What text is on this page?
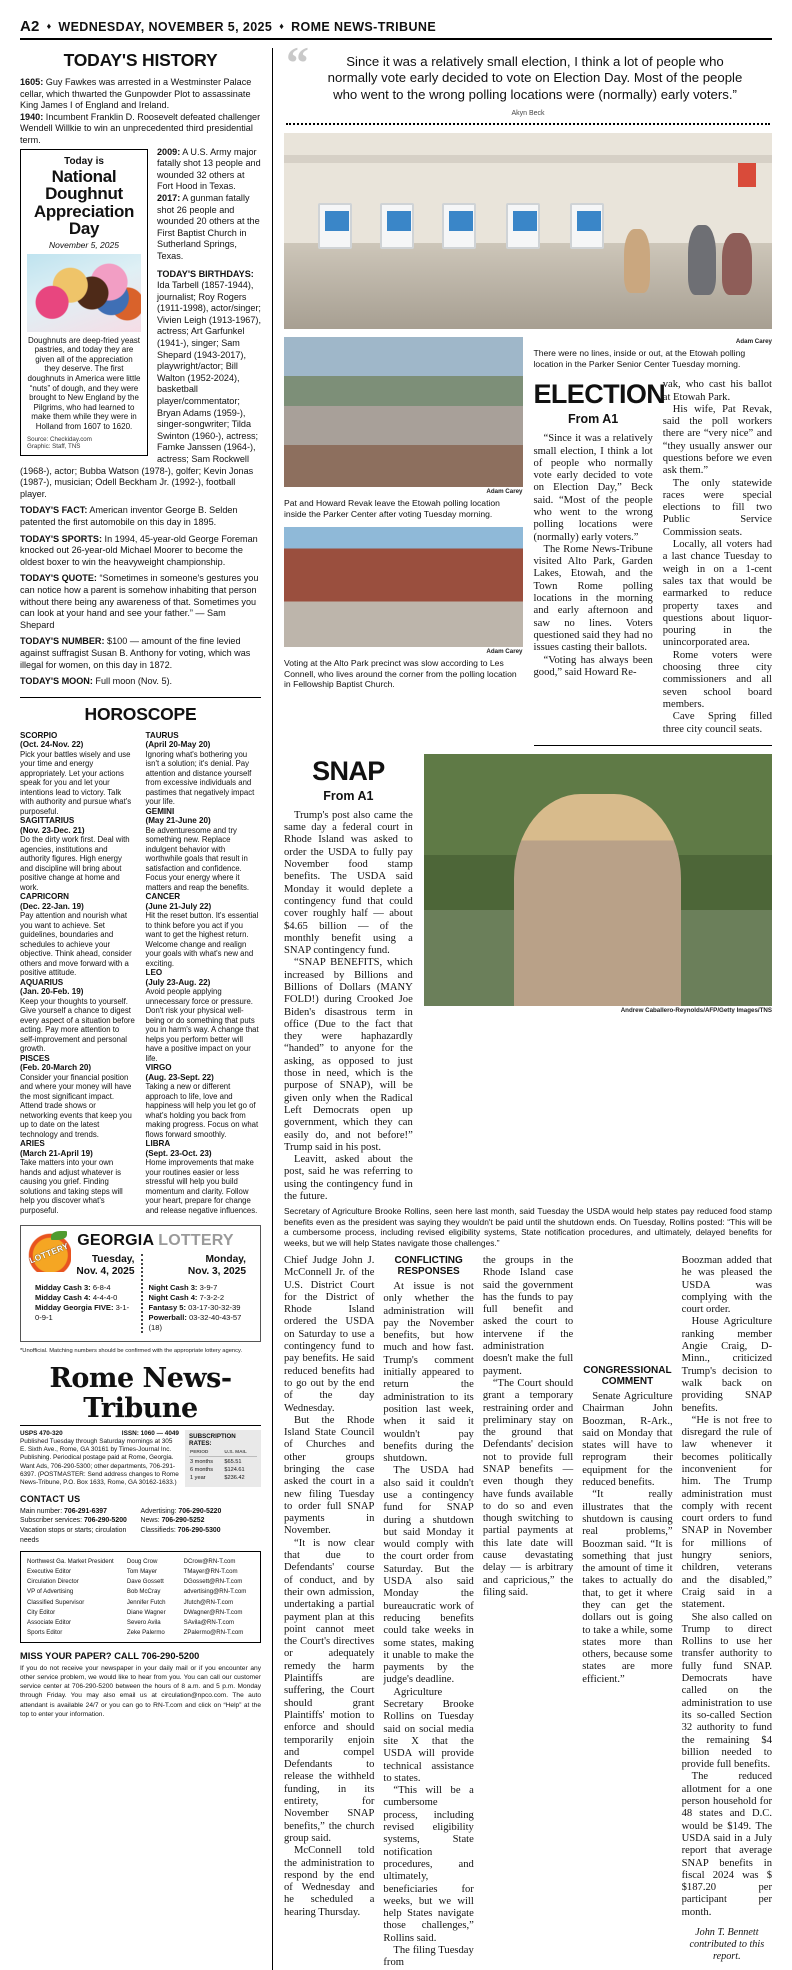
A2 ♦ WEDNESDAY, NOVEMBER 5, 2025 ♦ ROME NEWS-TRIBUNE
TODAY'S HISTORY
1605: Guy Fawkes was arrested in a Westminster Palace cellar, which thwarted the Gunpowder Plot to assassinate King James I of England and Ireland.
1940: Incumbent Franklin D. Roosevelt defeated challenger Wendell Willkie to win an unprecedented third presidential term.
Today is
National
Doughnut
Appreciation Day
November 5, 2025
Doughnuts are deep-fried yeast pastries, and today they are given all of the appreciation they deserve. The first doughnuts in America were little “nuts” of dough, and they were brought to New England by the Pilgrims, who had learned to make them while they were in Holland from 1607 to 1620.
Source: Checkiday.com
Graphic: Staff, TNS
2009: A U.S. Army major fatally shot 13 people and wounded 32 others at Fort Hood in Texas. 2017: A gunman fatally shot 26 people and wounded 20 others at the First Baptist Church in Sutherland Springs, Texas.
TODAY'S BIRTHDAYS: Ida Tarbell (1857-1944), journalist; Roy Rogers (1911-1998), actor/singer; Vivien Leigh (1913-1967), actress; Art Garfunkel (1941-), singer; Sam Shepard (1943-2017), playwright/actor; Bill Walton (1952-2024), basketball player/commentator; Bryan Adams (1959-), singer-songwriter; Tilda Swinton (1960-), actress; Famke Janssen (1964-), actress; Sam Rockwell (1968-), actor; Bubba Watson (1978-), golfer; Kevin Jonas (1987-), musician; Odell Beckham Jr. (1992-), football player.
TODAY'S FACT: American inventor George B. Selden patented the first automobile on this day in 1895.
TODAY'S SPORTS: In 1994, 45-year-old George Foreman knocked out 26-year-old Michael Moorer to become the oldest boxer to win the heavyweight championship.
TODAY'S QUOTE: “Sometimes in someone's gestures you can notice how a parent is somehow inhabiting that person without there being any awareness of that. Sometimes you can look at your hand and see your father.” — Sam Shepard
TODAY'S NUMBER: $100 — amount of the fine levied against suffragist Susan B. Anthony for voting, which was illegal for women, on this day in 1872.
TODAY'S MOON: Full moon (Nov. 5).
HOROSCOPE
SCORPIO
(Oct. 24-Nov. 22)
Pick your battles wisely and use your time and energy appropriately. Let your actions speak for you and let your intentions lead to victory. Talk with authority and pursue what's purposeful.
SAGITTARIUS
(Nov. 23-Dec. 21)
Do the dirty work first. Deal with agencies, institutions and authority figures. High energy and discipline will bring about positive change at home and work.
CAPRICORN
(Dec. 22-Jan. 19)
Pay attention and nourish what you want to achieve. Set guidelines, boundaries and schedules to achieve your objective. Think ahead, consider others and move forward with a positive attitude.
AQUARIUS
(Jan. 20-Feb. 19)
Keep your thoughts to yourself. Give yourself a chance to digest every aspect of a situation before acting. Pay more attention to self-improvement and personal growth.
PISCES
(Feb. 20-March 20)
Consider your financial position and where your money will have the most significant impact. Attend trade shows or networking events that keep you up to date on the latest technology and trends.
ARIES
(March 21-April 19)
Take matters into your own hands and adjust whatever is causing you grief. Finding solutions and taking steps will help you discover what's purposeful.
TAURUS
(April 20-May 20)
Ignoring what's bothering you isn't a solution; it's denial. Pay attention and distance yourself from excessive individuals and pastimes that negatively impact your life.
GEMINI
(May 21-June 20)
Be adventuresome and try something new. Replace indulgent behavior with worthwhile goals that result in satisfaction and confidence. Focus your energy where it matters and reap the benefits.
CANCER
(June 21-July 22)
Hit the reset button. It's essential to think before you act if you want to get the highest return. Welcome change and realign your goals with what's new and exciting.
LEO
(July 23-Aug. 22)
Avoid people applying unnecessary force or pressure. Don't risk your physical well-being or do something that puts you in harm's way. A change that helps you perform better will have a positive impact on your life.
VIRGO
(Aug. 23-Sept. 22)
Taking a new or different approach to life, love and happiness will help you let go of what's holding you back from making progress. Focus on what flows forward smoothly.
LIBRA
(Sept. 23-Oct. 23)
Home improvements that make your routines easier or less stressful will help you build momentum and clarity. Follow your heart, prepare for change and release negative influences.
LOTTERY
GEORGIA LOTTERY
Tuesday,
Nov. 4, 2025
Midday Cash 3: 6-8-4
Midday Cash 4: 4-4-4-0
Midday Georgia FIVE: 3-1-0-9-1
Monday,
Nov. 3, 2025
Night Cash 3: 3-9-7
Night Cash 4: 7-3-2-2
Fantasy 5: 03-17-30-32-39
Powerball: 03-32-40-43-57 (18)
*Unofficial. Matching numbers should be confirmed with the appropriate lottery agency.
Rome News-Tribune
USPS 470-320	ISSN: 1060 — 4049
Published Tuesday through Saturday mornings at 305 E. Sixth Ave., Rome, GA 30161 by Times-Journal Inc. Publishing. Periodical postage paid at Rome, Georgia. Want Ads, 706-290-5300; other departments, 706-291-6397. (POSTMASTER: Send address changes to Rome News-Tribune, P.O. Box 1633, Rome, GA 30162-1633.)
SUBSCRIPTION RATES:
PERIOD	U.S. MAIL
3 months	$65.51
6 months	$124.61
1 year	$236.42
CONTACT US
Main number: 706-291-6397
Subscriber services: 706-290-5200
Vacation stops or starts; circulation needs
Advertising: 706-290-5220
News: 706-290-5252
Classifieds: 706-290-5300
Northwest Ga. Market President	Doug Crow	DCrow@RN-T.com
Executive Editor	Tom Mayer	TMayer@RN-T.com
Circulation Director	Dave Gossett	DGossett@RN-T.com
VP of Advertising	Bob McCray	advertising@RN-T.com
Classified Supervisor	Jennifer Futch	Jfutch@RN-T.com
City Editor	Diane Wagner	DWagner@RN-T.com
Associate Editor	Severo Avila	SAvila@RN-T.com
Sports Editor	Zeke Palermo	ZPalermo@RN-T.com
MISS YOUR PAPER? CALL 706-290-5200
If you do not receive your newspaper in your daily mail or if you encounter any other service problem, we would like to hear from you. You can call our customer service center at 706-290-5200 between the hours of 8 a.m. and 5 p.m. Monday through Friday. You may also email us at circulation@npco.com. The auto attendant is available 24/7 or you can go to RN-T.com and click on “Help” at the top to enter your information.
“	Since it was a relatively small election, I think a lot of people who normally vote early decided to vote on Election Day. Most of the people who went to the wrong polling locations were (normally) early voters.”
Akyn Beck
Adam Carey
Pat and Howard Revak leave the Etowah polling location inside the Parker Center after voting Tuesday morning.
Adam Carey
Voting at the Alto Park precinct was slow according to Les Connell, who lives around the corner from the polling location in Fellowship Baptist Church.
Adam Carey
There were no lines, inside or out, at the Etowah polling location in the Parker Senior Center Tuesday morning.
ELECTION
From A1

“Since it was a relatively small election, I think a lot of people who normally vote early decided to vote on Election Day,” Beck said. “Most of the people who went to the wrong polling locations were (normally) early voters.”

The Rome News-Tribune visited Alto Park, Garden Lakes, Etowah, and the Town Rome polling locations in the morning and early afternoon and saw no lines. Voters questioned said they had no issues casting their ballots.

“Voting has always been good,” said Howard Re-

vak, who cast his ballot at Etowah Park.

His wife, Pat Revak, said the poll workers there are “very nice” and “they usually answer our questions before we even ask them.”

The only statewide races were special elections to fill two Public Service Commission seats.

Locally, all voters had a last chance Tuesday to weigh in on a 1-cent sales tax that would be earmarked to reduce property taxes and questions about liquor-pouring in the unincorporated area.

Rome voters were choosing three city commissioners and all seven school board members.

Cave Spring filled three city council seats.

SNAP
From A1

Trump's post also came the same day a federal court in Rhode Island was asked to order the USDA to fully pay November food stamp benefits. The USDA said Monday it would deplete a contingency fund that could cover roughly half — about $4.65 billion — of the monthly benefit using a SNAP contingency fund.

“SNAP BENEFITS, which increased by Billions and Billions of Dollars (MANY FOLD!) during Crooked Joe Biden's disastrous term in office (Due to the fact that they were haphazardly “handed” to anyone for the asking, as opposed to just those in need, which is the purpose of SNAP), will be given only when the Radical Left Democrats open up government, which they can easily do, and not before!” Trump said in his post.

Leavitt, asked about the post, said he was referring to using the contingency fund in the future.

Andrew Caballero-Reynolds/AFP/Getty Images/TNS
Secretary of Agriculture Brooke Rollins, seen here last month, said Tuesday the USDA would help states pay reduced food stamp benefits even as the president was saying they wouldn't be paid until the shutdown ends. On Tuesday, Rollins posted: “This will be a cumbersome process, including revised eligibility systems, State notification procedures, and ultimately, delayed benefits for weeks, but we will help States navigate those challenges.”

Chief Judge John J. McConnell Jr. of the U.S. District Court for the District of Rhode Island ordered the USDA on Saturday to use a contingency fund to pay benefits. He said reduced benefits had to go out by the end of the day Wednesday.

But the Rhode Island State Council of Churches and other groups bringing the case asked the court in a new filing Tuesday to order full SNAP payments in November.

“It is now clear that due to Defendants' course of conduct, and by their own admission, undertaking a partial payment plan at this point cannot meet the Court's directives or adequately remedy the harm Plaintiffs are suffering, the Court should grant Plaintiffs' motion to enforce and should temporarily enjoin and compel Defendants to release the withheld funding, in its entirety, for November SNAP benefits,” the church group said.

McConnell told the administration to respond by the end of Wednesday and he scheduled a hearing Thursday.

CONFLICTING
RESPONSES

At issue is not only whether the administration will pay the November benefits, but how much and how fast. Trump's comment initially appeared to return the administration to its position last week, when it said it wouldn't pay benefits during the shutdown.

The USDA had also said it couldn't use a contingency fund for SNAP during a shutdown but said Monday it would comply with the court order from Saturday. But the USDA also said Monday the bureaucratic work of reducing benefits could take weeks in some states, making it unable to make the payments by the judge's deadline.

Agriculture Secretary Brooke Rollins on Tuesday said on social media site X that the USDA will provide technical assistance to states.

“This will be a cumbersome process, including revised eligibility systems, State notification procedures, and ultimately, beneficiaries for weeks, but we will help States navigate those challenges,” Rollins said.

The filing Tuesday from

the groups in the Rhode Island case said the government has the funds to pay full benefit and asked the court to intervene if the administration doesn't make the full payment.

“The Court should grant a temporary restraining order and preliminary stay on the ground that Defendants' decision not to provide full SNAP benefits — even though they have funds available to do so and even though switching to partial payments at this late date will cause devastating delay — is arbitrary and capricious,” the filing said.

CONGRESSIONAL
COMMENT

Senate Agriculture Chairman John Boozman, R-Ark., said on Monday that states will have to reprogram their equipment for the reduced benefits.

“It really illustrates that the shutdown is causing real problems,” Boozman said. “It is something that just the amount of time it takes to actually do that, to get it where they can get the dollars out is going to take a while, some states more than others, because some states are more efficient.”

Boozman added that he was pleased the USDA was complying with the court order.

House Agriculture ranking member Angie Craig, D-Minn., criticized Trump's decision to walk back on providing SNAP benefits.

“He is not free to disregard the rule of law whenever it becomes politically inconvenient for him. The Trump administration must comply with recent court orders to fund SNAP in November for millions of hungry seniors, children, veterans and the disabled,” Craig said in a statement.

She also called on Trump to direct Rollins to use her transfer authority to fully fund SNAP. Democrats have called on the administration to use its so-called Section 32 authority to fund the remaining $4 billion needed to provide full benefits.

The reduced allotment for a one person household for 48 states and D.C. would be $149. The USDA said in a July report that average SNAP benefits in fiscal 2024 was $ $187.20 per participant per month.

John T. Bennett contributed to this report.
